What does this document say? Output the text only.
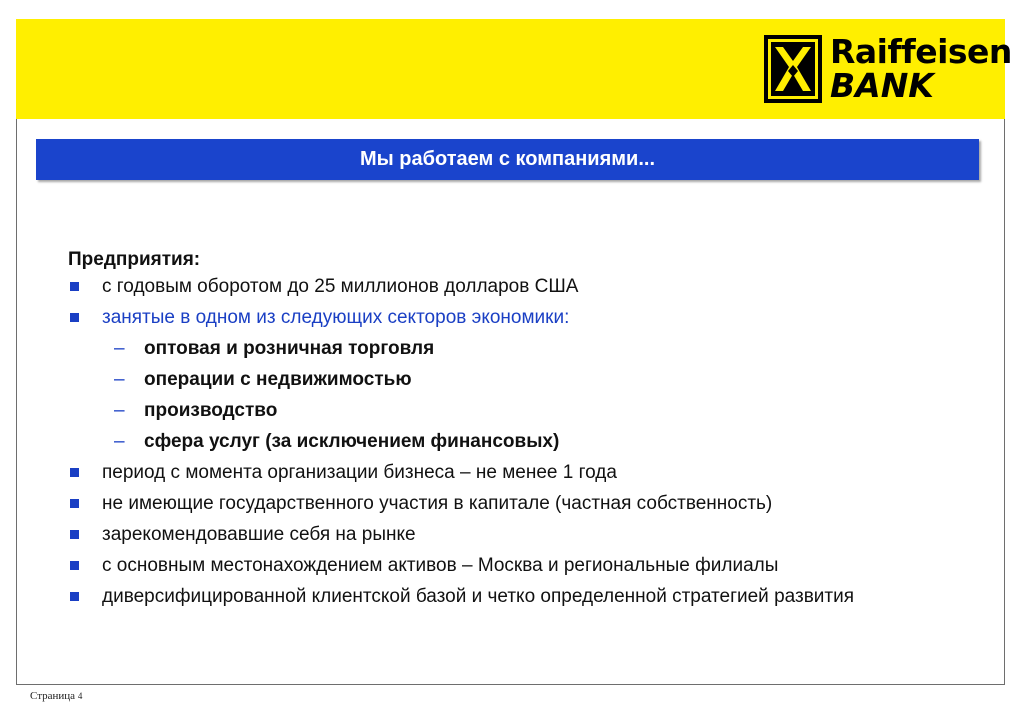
Raiffeisen
BANK
Мы работаем с компаниями...
Предприятия:
с годовым оборотом до 25 миллионов долларов США
занятые в одном из следующих секторов экономики:
– оптовая и розничная торговля
– операции с недвижимостью
– производство
– сфера услуг (за исключением финансовых)
период с момента организации бизнеса – не менее 1 года
не имеющие государственного участия в капитале (частная собственность)
зарекомендовавшие себя на рынке
с основным местонахождением активов – Москва и региональные филиалы
диверсифицированной клиентской базой и четко определенной стратегией развития
Страница 4
